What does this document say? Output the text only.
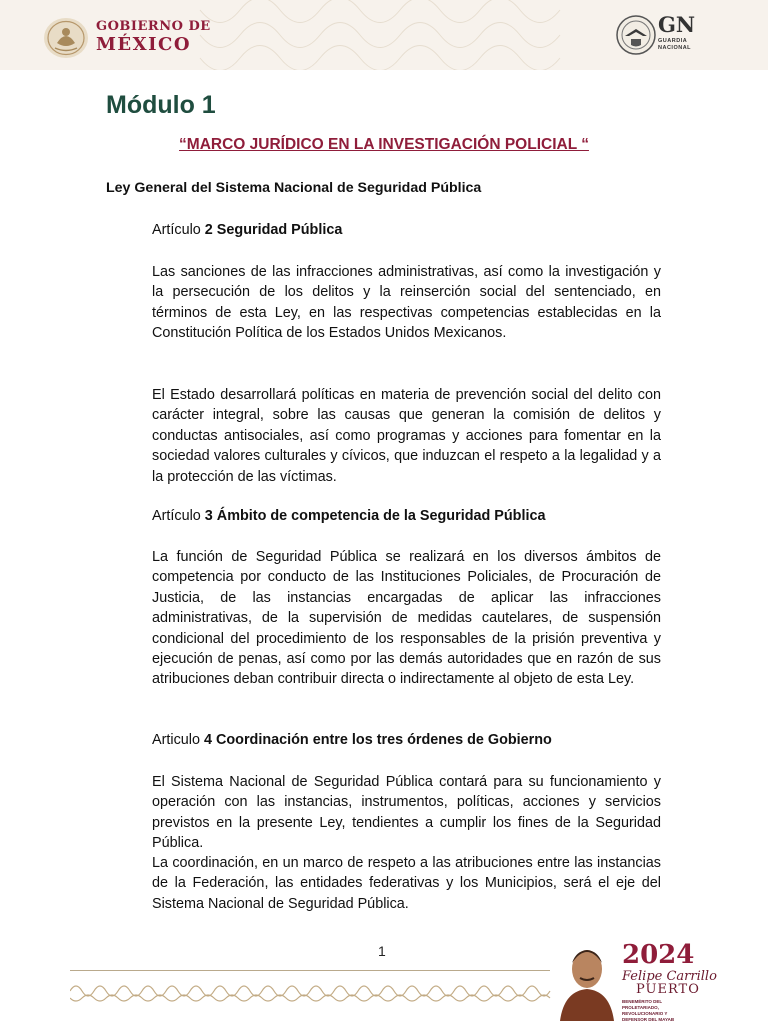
GOBIERNO DE
MÉXICO
GN
GUARDIA NACIONAL
Módulo 1
“MARCO JURÍDICO EN LA INVESTIGACIÓN POLICIAL “
Ley General del Sistema Nacional de Seguridad Pública

Artículo 2 Seguridad Pública

Las sanciones de las infracciones administrativas, así como la investigación y la persecución de los delitos y la reinserción social del sentenciado, en términos de esta Ley, en las respectivas competencias establecidas en la Constitución Política de los Estados Unidos Mexicanos.

El Estado desarrollará políticas en materia de prevención social del delito con carácter integral, sobre las causas que generan la comisión de delitos y conductas antisociales, así como programas y acciones para fomentar en la sociedad valores culturales y cívicos, que induzcan el respeto a la legalidad y a la protección de las víctimas.

Artículo 3 Ámbito de competencia de la Seguridad Pública

La función de Seguridad Pública se realizará en los diversos ámbitos de competencia por conducto de las Instituciones Policiales, de Procuración de Justicia, de las instancias encargadas de aplicar las infracciones administrativas, de la supervisión de medidas cautelares, de suspensión condicional del procedimiento de los responsables de la prisión preventiva y ejecución de penas, así como por las demás autoridades que en razón de sus atribuciones deban contribuir directa o indirectamente al objeto de esta Ley.

Articulo 4 Coordinación entre los tres órdenes de Gobierno

El Sistema Nacional de Seguridad Pública contará para su funcionamiento y operación con las instancias, instrumentos, políticas, acciones y servicios previstos en la presente Ley, tendientes a cumplir los fines de la Seguridad Pública.

La coordinación, en un marco de respeto a las atribuciones entre las instancias de la Federación, las entidades federativas y los Municipios, será el eje del Sistema Nacional de Seguridad Pública.

1	2024
Felipe Carrillo
PUERTO
BENEMÉRITO DEL PROLETARIADO, REVOLUCIONARIO Y DEFENSOR DEL MAYAB
